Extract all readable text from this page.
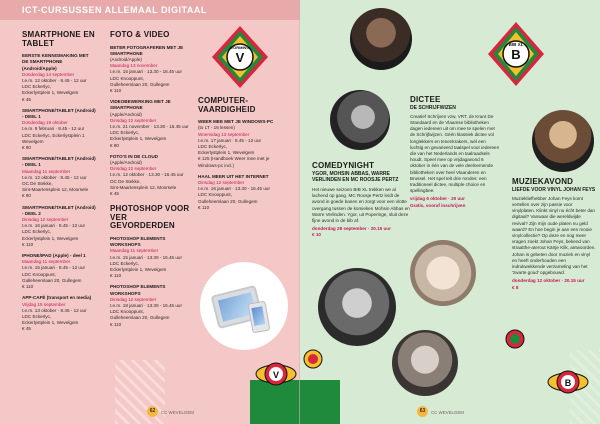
ICT-CURSUSSEN ALLEMAAL DIGITAAL
SMARTPHONE EN TABLET
EERSTE KENNISMAKING MET DE SMARTPHONE (Android/Apple)
Donderdag 14 september
t.e.m. 12 oktober · 8.45 - 12 uur
LDC Eckerlyc,
Eckerlystplein 1, Wevelgem
€ 45
SMARTPHONE/TABLET (Android) - DEEL 1
Donderdag 19 oktober
t.e.m. 9 februari · 8.45 - 12 uur
LDC Eckerlyc, Eckerlystplein 1
Wevelgem
€ 80
SMARTPHONE/TABLET (Android) - DEEL 1
Maandag 11 september
t.e.m. 12 oktober · 8.45 - 12 uur
OC De Stekke,
Sint-Maartensplein 12, Moorsele
€ 80
SMARTPHONE/TABLET (Android) - DEEL 2
Dinsdag 12 september
t.e.m. 16 januari · 8.45 - 12 uur
LDC Eckerlyc,
Eckerlystplein 1, Wevelgem
€ 110
IPHONE/IPAD (Apple) - deel 1
Maandag 11 september
t.e.m. 15 januari · 8.45 - 12 uur
LDC Knooppunt,
Gulleheemlaan 20, Gullegem
€ 110
APP-CAFÉ (transport en media)
Vrijdag 15 september
t.e.m. 13 oktober · 8.45 - 12 uur
LDC Eckerlyc,
Eckerlystplein 1, Wevelgem
€ 45
FOTO & VIDEO
BETER FOTOGRAFEREN MET JE SMARTPHONE
(Android/Apple)
Maandag 13 november
t.e.m. 15 januari · 13.30 - 16.45 uur
LDC Knooppunt,
Gulleheemlaan 20, Gullegem
€ 110
VIDEOBEWERKING MET JE SMARTPHONE
(Apple/Android)
Dinsdag 12 september
t.e.m. 21 november · 13.30 - 16.45 uur
LDC Eckerlyc,
Eckerlystplein 1, Wevelgem
€ 80
FOTO'S IN DE CLOUD
(Apple/Android)
Dinsdag 12 september
t.e.m. 12 oktober · 13.30 - 16.45 uur
OC De Stekke,
Sint-Maartensplein 12, Moorsele
€ 45
PHOTOSHOP VOOR VER GEVORDERDEN
PHOTOSHOP ELEMENTS WORKSHOPS
Maandag 11 september
t.e.m. 15 januari · 13.30 - 16.45 uur
LDC Eckerlyc,
Eckerlystplein 1, Wevelgem
€ 110
PHOTOSHOP ELEMENTS WORKSHOPS
Dinsdag 12 september
t.e.m. 18 januari · 13.30 - 16.45 uur
LDC Knooppunt,
Gulleheemlaan 20, Gullegem
€ 110
COMPUTER-VAARDIGHEID
WEER MEE MET JE WINDOWS-PC
(to LT - 16 lessen)
Woensdag 13 september
t.e.m. 17 januari · 8.45 - 12 uur
LDC Eckerlyc,
Eckerlystplein 1, Wevelgem
€ 125 (Handboek Weer mee met je Windows-pc incl.)
HAAL MEER UIT HET INTERNET
Dinsdag 12 september
t.e.m. 16 januari · 13.30 - 16.45 uur
LDC Knooppunt,
Gulleheemlaan 20, Gullegem
€ 110
V
VORMING
V
62	CC WEVELGEM
B
BIB XL
COMEDYNIGHT
YGOR, MOHSIN ABBAS, WARRE VERLINDEN EN MC ROOSJE PERTZ
Het nieuwe seizoen BIB XL trekken we al lachend op gang. MC Roosje Pertz leidt de avond in goede banen en zorgt voor een vlotte overgang tussen de komieken Mohsin Abbas en Warre Verlinden. Ygor, uit Poperinge, sluit deze fijne avond in de bib af.
donderdag 28 september · 20.15 uur
€ 10
DICTEE
DE SCHRIJFWIZEN
Creatief Schrijven vzw, VRT, de Krant De Standaard en de Vlaamse bibliotheken dagen iedereen uit om mee te spelen met de Schrijfwijzen. Géén klassiek dictee vol longlekkers en tenenkrakers, wél een luchtig en gevarieerd taalspel voor iedereen die van het Nederlands en taalraadsels houdt. Speel mee op vrijdagavond 6 oktober in één van de vele deelnemende bibliotheken over heel Vlaanderen en Brussel. Het spel telt drie rondes: een traditioneel dictee, multiple choice en spellingbee.
vrijdag 6 oktober · 20 uur
Gratis, vooraf inschrijven
MUZIEKAVOND
LIEFDE VOOR VINYL JOHAN FEYS
Muziekliefhebber Johan Feys komt vertellen over zijn passie voor vinylplaten. Klinkt vinyl nu écht beter dan digitaal? Vanwaar die wereldwijde revival? Zijn mijn oude platen nu geld waard? En hoe begin je aan een mooie vinylcollectie? Op deze en nog meer vragen zoekt Johan Feys, bekend van straatthe-aterout Kärtje Klik, antwoorden. Johan is gebeten door muziek en vinyl en heeft onderhouden een indrukwekkende verzameling van het 'zwarte goud' opgebouwd.
donderdag 12 oktober · 20.15 uur
€ 8
B
63	CC WEVELGEM
